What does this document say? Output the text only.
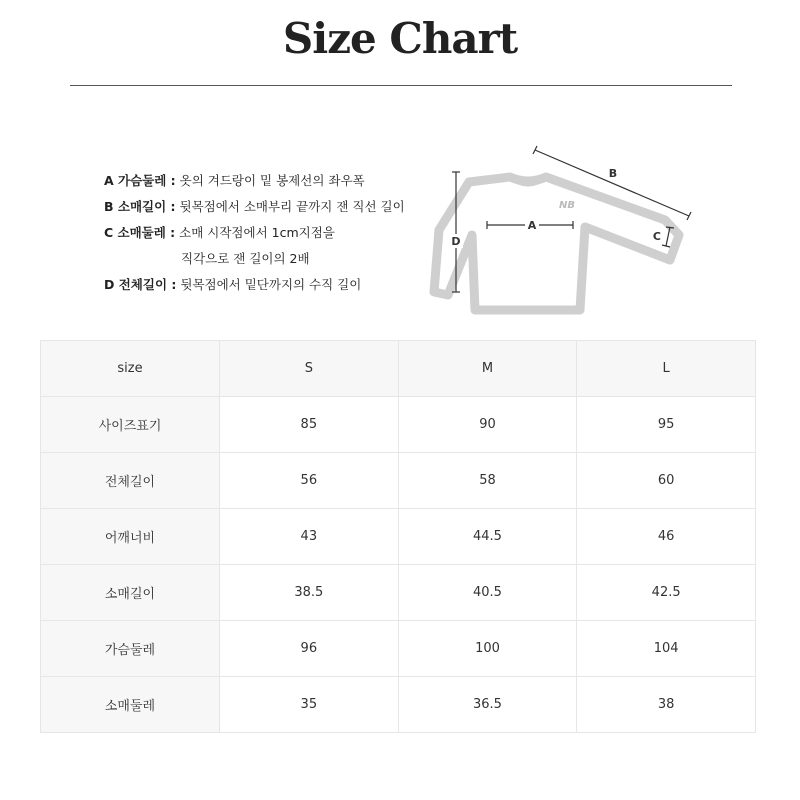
Size Chart
A 가슴둘레 : 옷의 겨드랑이 밑 봉제선의 좌우폭
B 소매길이 : 뒷목점에서 소매부리 끝까지 잰 직선 길이
C 소매둘레 : 소매 시작점에서 1cm지점을
직각으로 잰 길이의 2배
D 전체길이 : 뒷목점에서 밑단까지의 수직 길이
NB
D
A
B
C
size	S	M	L
사이즈표기	85	90	95
전체길이	56	58	60
어깨너비	43	44.5	46
소매길이	38.5	40.5	42.5
가슴둘레	96	100	104
소매둘레	35	36.5	38
